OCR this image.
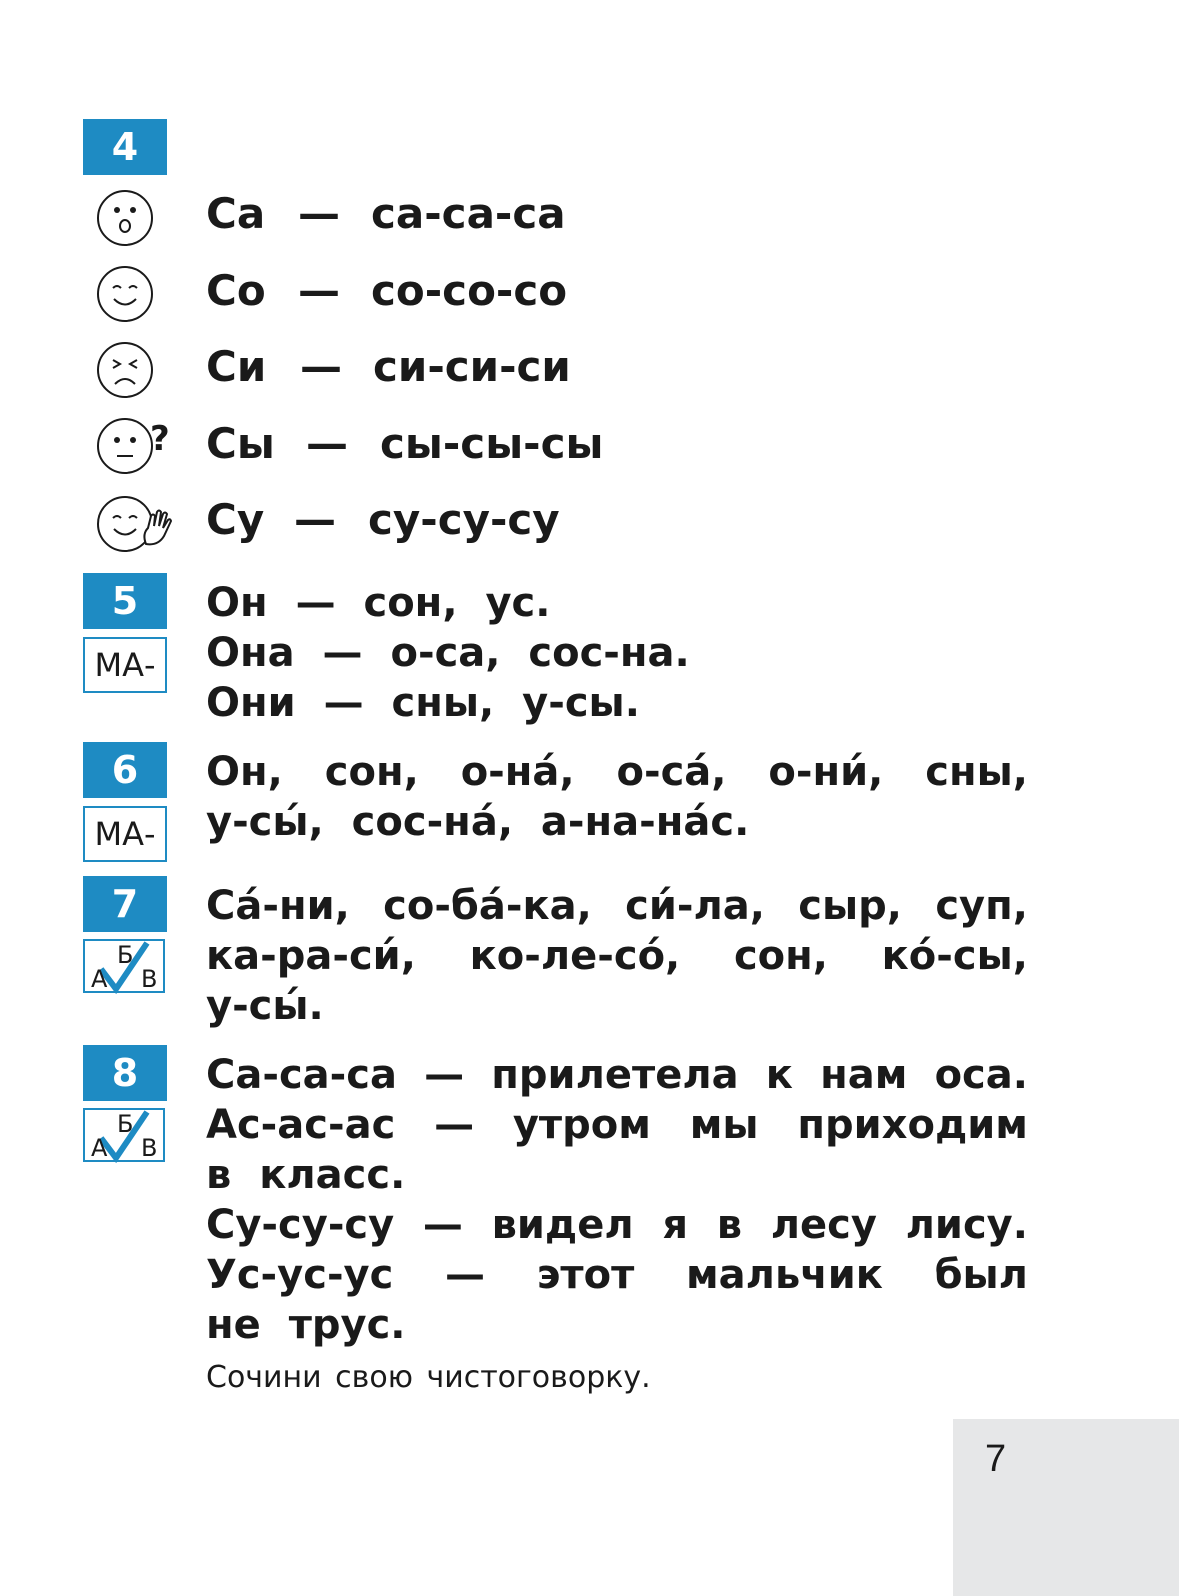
4
?
Са — са-са-са
Со — со-со-со
Си — си-си-си
Сы — сы-сы-сы
Су — су-су-су
5
МА-
Он — сон, ус.
Она — о-са, сос-на.
Они — сны, у-сы.
6
МА-
Он, сон, о-на́, о-са́, о-ни́, сны,
у-сы́, сос-на́, а-на-на́с.
7
А
Б
В
Са́-ни, со-ба́-ка, си́-ла, сыр, суп,
ка-ра-си́, ко-ле-со́, сон, ко́-сы,
у-сы́.
8
А
Б
В
Са-са-са — прилетела к нам оса.
Ас-ас-ас — утром мы приходим
в класс.
Су-су-су — видел я в лесу лису.
Ус-ус-ус — этот мальчик был
не трус.
Сочини свою чистоговорку.
7
